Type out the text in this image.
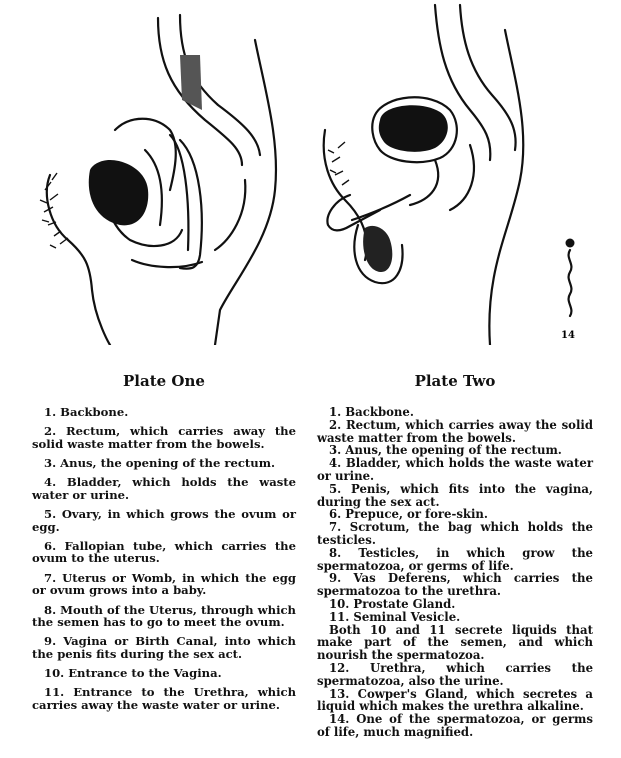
14
Plate One
1. Backbone.
2. Rectum, which carries away the solid waste matter from the bowels.
3. Anus, the opening of the rectum.
4. Bladder, which holds the waste water or urine.
5. Ovary, in which grows the ovum or egg.
6. Fallopian tube, which carries the ovum to the uterus.
7. Uterus or Womb, in which the egg or ovum grows into a baby.
8. Mouth of the Uterus, through which the semen has to go to meet the ovum.
9. Vagina or Birth Canal, into which the penis fits during the sex act.
10. Entrance to the Vagina.
11. Entrance to the Urethra, which carries away the waste water or urine.
Plate Two
1. Backbone.
2. Rectum, which carries away the solid waste matter from the bowels.
3. Anus, the opening of the rectum.
4. Bladder, which holds the waste water or urine.
5. Penis, which fits into the vagina, during the sex act.
6. Prepuce, or fore-skin.
7. Scrotum, the bag which holds the testicles.
8. Testicles, in which grow the spermatozoa, or germs of life.
9. Vas Deferens, which carries the spermatozoa to the urethra.
10. Prostate Gland.
11. Seminal Vesicle.
Both 10 and 11 secrete liquids that make part of the semen, and which nourish the spermatozoa.
12. Urethra, which carries the spermatozoa, also the urine.
13. Cowper's Gland, which secretes a liquid which makes the urethra alkaline.
14. One of the spermatozoa, or germs of life, much magnified.
